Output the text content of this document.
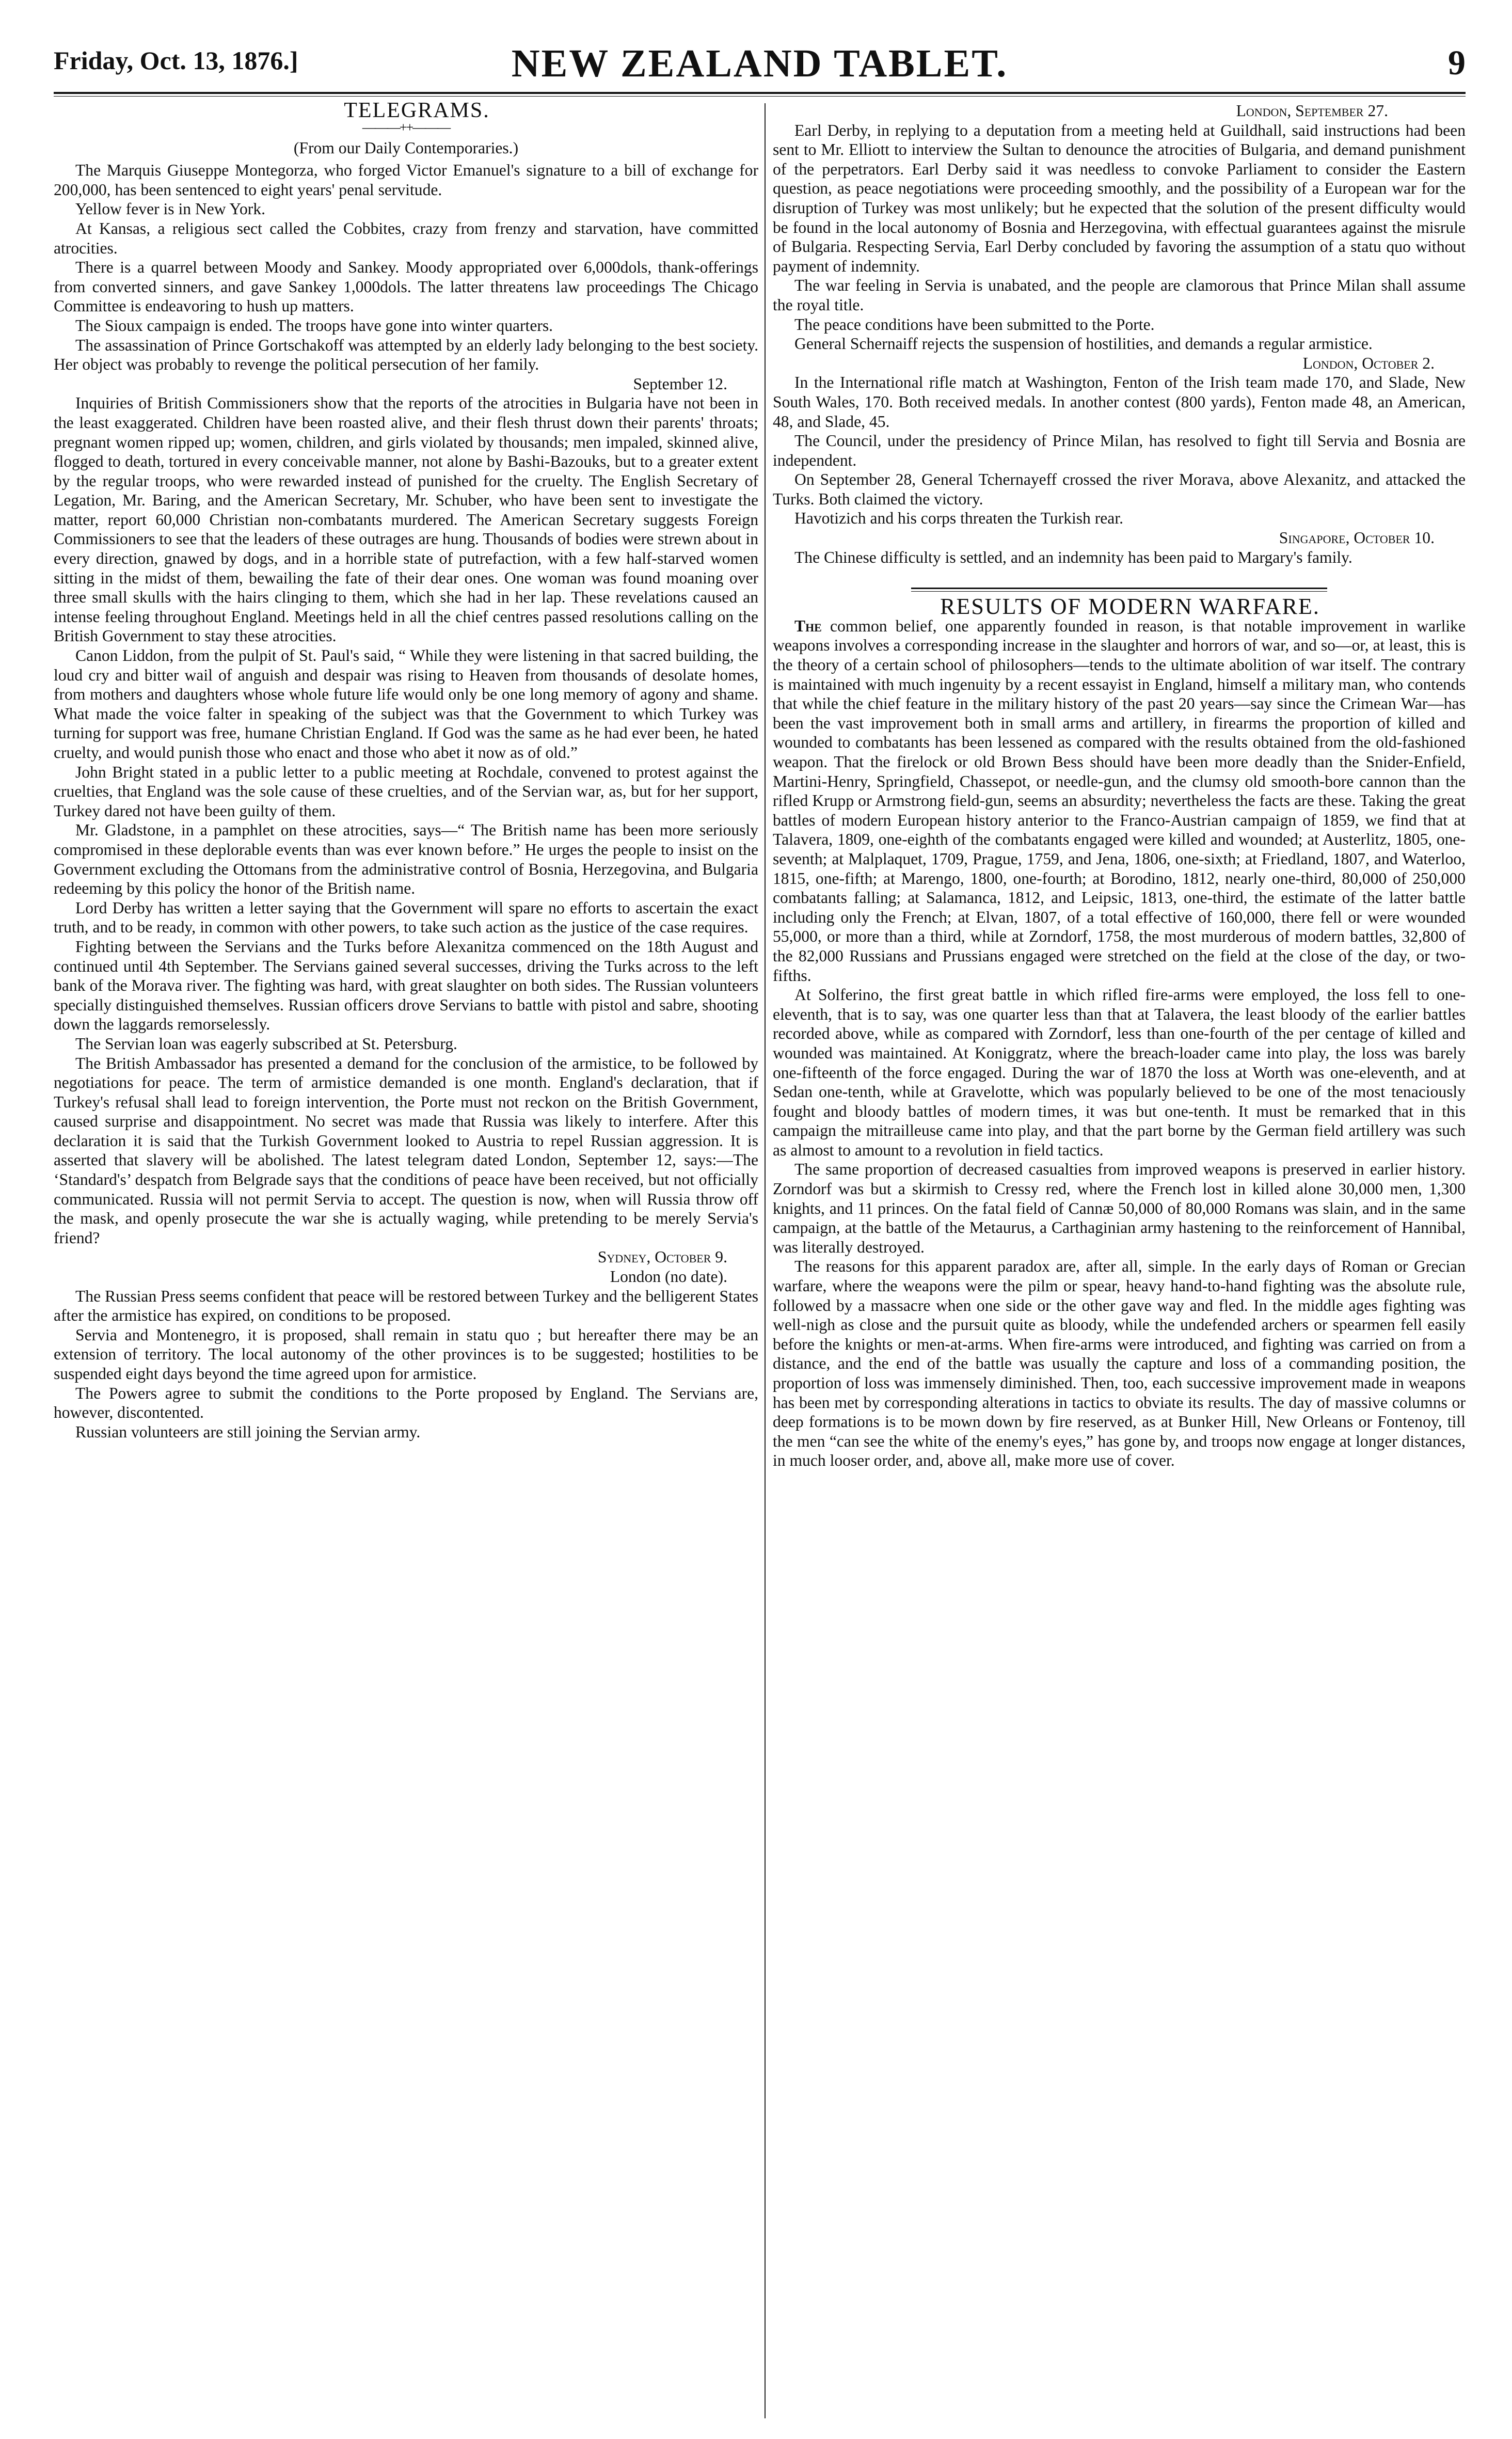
Friday, Oct. 13, 1876.]	NEW ZEALAND TABLET.	9

TELEGRAMS.

———++———

(From our Daily Contemporaries.)

The Marquis Giuseppe Montegorza, who forged Victor Emanuel's signature to a bill of exchange for 200,000, has been sentenced to eight years' penal servitude.

Yellow fever is in New York.

At Kansas, a religious sect called the Cobbites, crazy from frenzy and starvation, have committed atrocities.

There is a quarrel between Moody and Sankey. Moody appropriated over 6,000dols, thank-offerings from converted sinners, and gave Sankey 1,000dols. The latter threatens law proceedings The Chicago Committee is endeavoring to hush up matters.

The Sioux campaign is ended. The troops have gone into winter quarters.

The assassination of Prince Gortschakoff was attempted by an elderly lady belonging to the best society. Her object was probably to revenge the political persecution of her family.

September 12.

Inquiries of British Commissioners show that the reports of the atrocities in Bulgaria have not been in the least exaggerated. Children have been roasted alive, and their flesh thrust down their parents' throats; pregnant women ripped up; women, children, and girls violated by thousands; men impaled, skinned alive, flogged to death, tortured in every conceivable manner, not alone by Bashi-Bazouks, but to a greater extent by the regular troops, who were rewarded instead of punished for the cruelty. The English Secretary of Legation, Mr. Baring, and the American Secretary, Mr. Schuber, who have been sent to investigate the matter, report 60,000 Christian non-combatants murdered. The American Secretary suggests Foreign Commissioners to see that the leaders of these outrages are hung. Thousands of bodies were strewn about in every direction, gnawed by dogs, and in a horrible state of putrefaction, with a few half-starved women sitting in the midst of them, bewailing the fate of their dear ones. One woman was found moaning over three small skulls with the hairs clinging to them, which she had in her lap. These revelations caused an intense feeling throughout England. Meetings held in all the chief centres passed resolutions calling on the British Government to stay these atrocities.

Canon Liddon, from the pulpit of St. Paul's said, “ While they were listening in that sacred building, the loud cry and bitter wail of anguish and despair was rising to Heaven from thousands of desolate homes, from mothers and daughters whose whole future life would only be one long memory of agony and shame. What made the voice falter in speaking of the subject was that the Government to which Turkey was turning for support was free, humane Christian England. If God was the same as he had ever been, he hated cruelty, and would punish those who enact and those who abet it now as of old.”

John Bright stated in a public letter to a public meeting at Rochdale, convened to protest against the cruelties, that England was the sole cause of these cruelties, and of the Servian war, as, but for her support, Turkey dared not have been guilty of them.

Mr. Gladstone, in a pamphlet on these atrocities, says—“ The British name has been more seriously compromised in these deplorable events than was ever known before.” He urges the people to insist on the Government excluding the Ottomans from the administrative control of Bosnia, Herzegovina, and Bulgaria redeeming by this policy the honor of the British name.

Lord Derby has written a letter saying that the Government will spare no efforts to ascertain the exact truth, and to be ready, in common with other powers, to take such action as the justice of the case requires.

Fighting between the Servians and the Turks before Alexanitza commenced on the 18th August and continued until 4th September. The Servians gained several successes, driving the Turks across to the left bank of the Morava river. The fighting was hard, with great slaughter on both sides. The Russian volunteers specially distinguished themselves. Russian officers drove Servians to battle with pistol and sabre, shooting down the laggards remorselessly.

The Servian loan was eagerly subscribed at St. Petersburg.

The British Ambassador has presented a demand for the conclusion of the armistice, to be followed by negotiations for peace. The term of armistice demanded is one month. England's declaration, that if Turkey's refusal shall lead to foreign intervention, the Porte must not reckon on the British Government, caused surprise and disappointment. No secret was made that Russia was likely to interfere. After this declaration it is said that the Turkish Government looked to Austria to repel Russian aggression. It is asserted that slavery will be abolished. The latest telegram dated London, September 12, says:—The ‘Standard's’ despatch from Belgrade says that the conditions of peace have been received, but not officially communicated. Russia will not permit Servia to accept. The question is now, when will Russia throw off the mask, and openly prosecute the war she is actually waging, while pretending to be merely Servia's friend?

Sydney, October 9.

London (no date).

The Russian Press seems confident that peace will be restored between Turkey and the belligerent States after the armistice has expired, on conditions to be proposed.

Servia and Montenegro, it is proposed, shall remain in statu quo ; but hereafter there may be an extension of territory. The local autonomy of the other provinces is to be suggested; hostilities to be suspended eight days beyond the time agreed upon for armistice.

The Powers agree to submit the conditions to the Porte proposed by England. The Servians are, however, discontented.

Russian volunteers are still joining the Servian army.

London, September 27.

Earl Derby, in replying to a deputation from a meeting held at Guildhall, said instructions had been sent to Mr. Elliott to interview the Sultan to denounce the atrocities of Bulgaria, and demand punishment of the perpetrators. Earl Derby said it was needless to convoke Parliament to consider the Eastern question, as peace negotiations were proceeding smoothly, and the possibility of a European war for the disruption of Turkey was most unlikely; but he expected that the solution of the present difficulty would be found in the local autonomy of Bosnia and Herzegovina, with effectual guarantees against the misrule of Bulgaria. Respecting Servia, Earl Derby concluded by favoring the assumption of a statu quo without payment of indemnity.

The war feeling in Servia is unabated, and the people are clamorous that Prince Milan shall assume the royal title.

The peace conditions have been submitted to the Porte.

General Schernaiff rejects the suspension of hostilities, and demands a regular armistice.

London, October 2.

In the International rifle match at Washington, Fenton of the Irish team made 170, and Slade, New South Wales, 170. Both received medals. In another contest (800 yards), Fenton made 48, an American, 48, and Slade, 45.

The Council, under the presidency of Prince Milan, has resolved to fight till Servia and Bosnia are independent.

On September 28, General Tchernayeff crossed the river Morava, above Alexanitz, and attacked the Turks. Both claimed the victory.

Havotizich and his corps threaten the Turkish rear.

Singapore, October 10.

The Chinese difficulty is settled, and an indemnity has been paid to Margary's family.

RESULTS OF MODERN WARFARE.

The common belief, one apparently founded in reason, is that notable improvement in warlike weapons involves a corresponding increase in the slaughter and horrors of war, and so—or, at least, this is the theory of a certain school of philosophers—tends to the ultimate abolition of war itself. The contrary is maintained with much ingenuity by a recent essayist in England, himself a military man, who contends that while the chief feature in the military history of the past 20 years—say since the Crimean War—has been the vast improvement both in small arms and artillery, in firearms the proportion of killed and wounded to combatants has been lessened as compared with the results obtained from the old-fashioned weapon. That the firelock or old Brown Bess should have been more deadly than the Snider-Enfield, Martini-Henry, Springfield, Chassepot, or needle-gun, and the clumsy old smooth-bore cannon than the rifled Krupp or Armstrong field-gun, seems an absurdity; nevertheless the facts are these. Taking the great battles of modern European history anterior to the Franco-Austrian campaign of 1859, we find that at Talavera, 1809, one-eighth of the combatants engaged were killed and wounded; at Austerlitz, 1805, one-seventh; at Malplaquet, 1709, Prague, 1759, and Jena, 1806, one-sixth; at Friedland, 1807, and Waterloo, 1815, one-fifth; at Marengo, 1800, one-fourth; at Borodino, 1812, nearly one-third, 80,000 of 250,000 combatants falling; at Salamanca, 1812, and Leipsic, 1813, one-third, the estimate of the latter battle including only the French; at Elvan, 1807, of a total effective of 160,000, there fell or were wounded 55,000, or more than a third, while at Zorndorf, 1758, the most murderous of modern battles, 32,800 of the 82,000 Russians and Prussians engaged were stretched on the field at the close of the day, or two-fifths.

At Solferino, the first great battle in which rifled fire-arms were employed, the loss fell to one-eleventh, that is to say, was one quarter less than that at Talavera, the least bloody of the earlier battles recorded above, while as compared with Zorndorf, less than one-fourth of the per centage of killed and wounded was maintained. At Koniggratz, where the breach-loader came into play, the loss was barely one-fifteenth of the force engaged. During the war of 1870 the loss at Worth was one-eleventh, and at Sedan one-tenth, while at Gravelotte, which was popularly believed to be one of the most tenaciously fought and bloody battles of modern times, it was but one-tenth. It must be remarked that in this campaign the mitrailleuse came into play, and that the part borne by the German field artillery was such as almost to amount to a revolution in field tactics.

The same proportion of decreased casualties from improved weapons is preserved in earlier history. Zorndorf was but a skirmish to Cressy red, where the French lost in killed alone 30,000 men, 1,300 knights, and 11 princes. On the fatal field of Cannæ 50,000 of 80,000 Romans was slain, and in the same campaign, at the battle of the Metaurus, a Carthaginian army hastening to the reinforcement of Hannibal, was literally destroyed.

The reasons for this apparent paradox are, after all, simple. In the early days of Roman or Grecian warfare, where the weapons were the pilm or spear, heavy hand-to-hand fighting was the absolute rule, followed by a massacre when one side or the other gave way and fled. In the middle ages fighting was well-nigh as close and the pursuit quite as bloody, while the undefended archers or spearmen fell easily before the knights or men-at-arms. When fire-arms were introduced, and fighting was carried on from a distance, and the end of the battle was usually the capture and loss of a commanding position, the proportion of loss was immensely diminished. Then, too, each successive improvement made in weapons has been met by corresponding alterations in tactics to obviate its results. The day of massive columns or deep formations is to be mown down by fire reserved, as at Bunker Hill, New Orleans or Fontenoy, till the men “can see the white of the enemy's eyes,” has gone by, and troops now engage at longer distances, in much looser order, and, above all, make more use of cover.
